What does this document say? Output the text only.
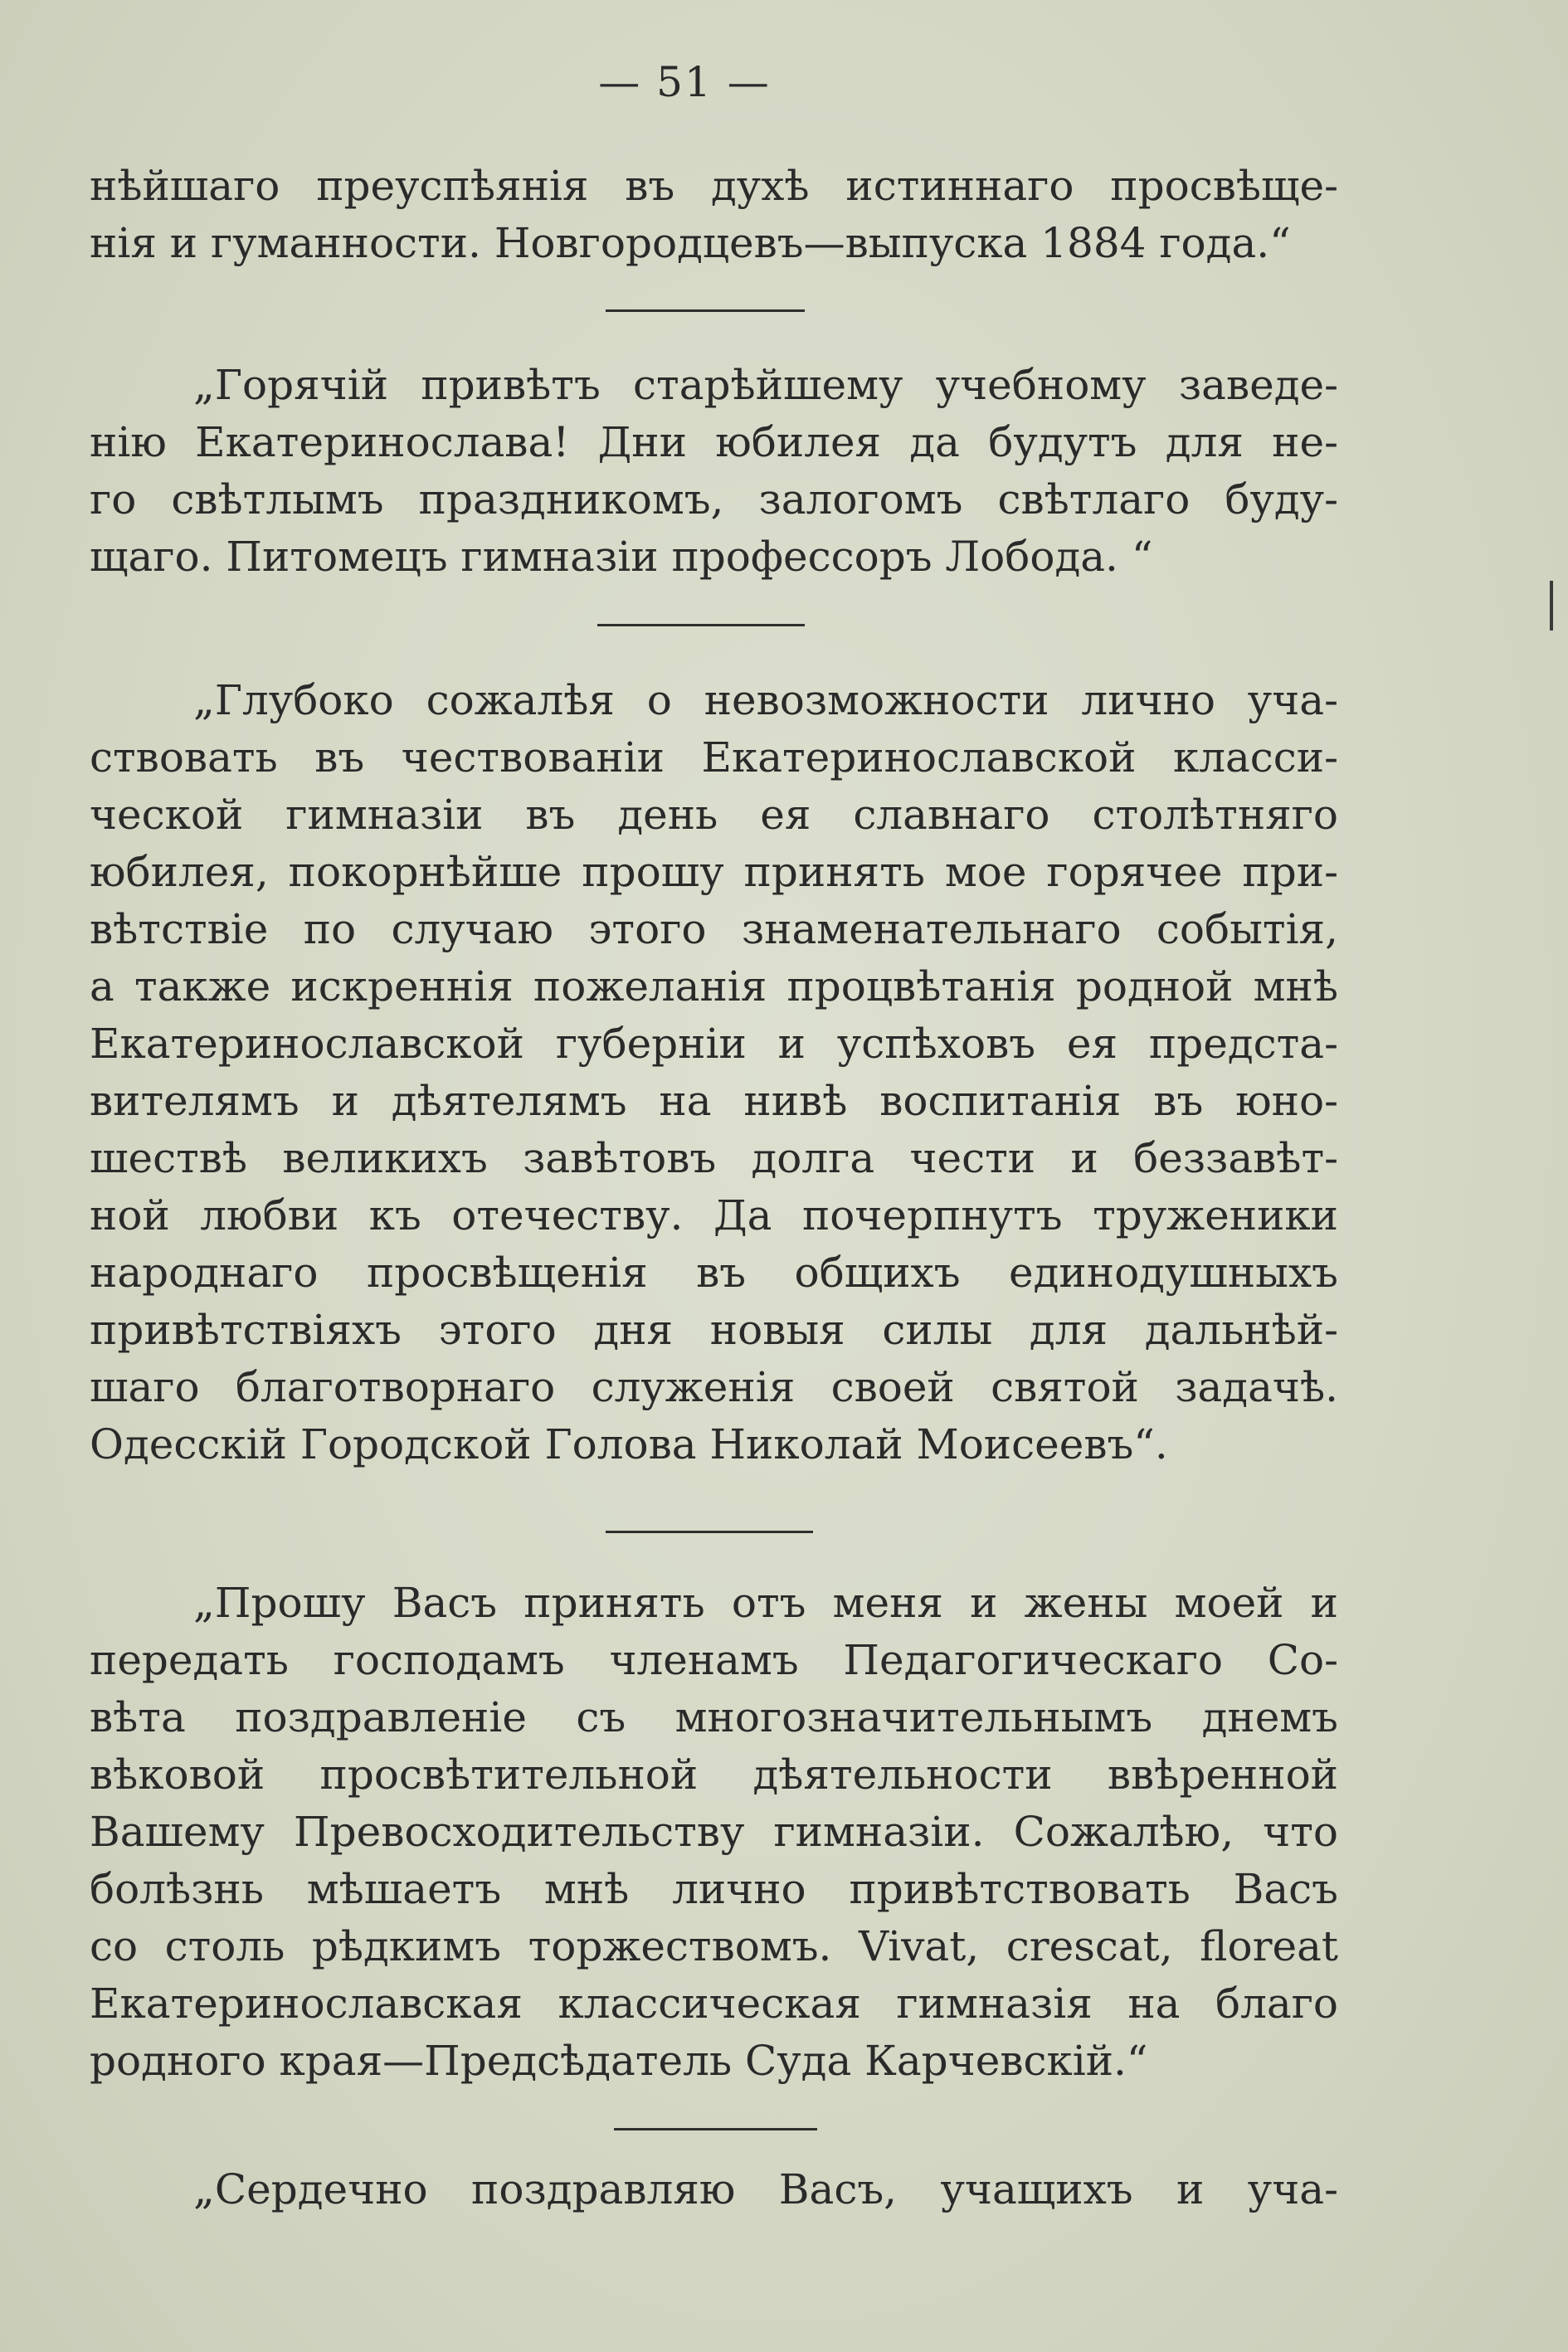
— 51 —
нѣйшаго преуспѣянія въ духѣ истиннаго просвѣще-
нія и гуманности. Новгородцевъ—выпуска 1884 года.“
„Горячій привѣтъ старѣйшему учебному заведе-
нію Екатеринослава! Дни юбилея да будутъ для не-
го свѣтлымъ праздникомъ, залогомъ свѣтлаго буду-
щаго. Питомецъ гимназіи профессоръ Лобода. “
„Глубоко сожалѣя о невозможности лично уча-
ствовать въ чествованіи Екатеринославской класси-
ческой гимназіи въ день ея славнаго столѣтняго
юбилея, покорнѣйше прошу принять мое горячее при-
вѣтствіе по случаю этого знаменательнаго событія,
а также искреннія пожеланія процвѣтанія родной мнѣ
Екатеринославской губерніи и успѣховъ ея предста-
вителямъ и дѣятелямъ на нивѣ воспитанія въ юно-
шествѣ великихъ завѣтовъ долга чести и беззавѣт-
ной любви къ отечеству. Да почерпнутъ труженики
народнаго просвѣщенія въ общихъ единодушныхъ
привѣтствіяхъ этого дня новыя силы для дальнѣй-
шаго благотворнаго служенія своей святой задачѣ.
Одесскій Городской Голова Николай Моисеевъ“.
„Прошу Васъ принять отъ меня и жены моей и
передать господамъ членамъ Педагогическаго Со-
вѣта поздравленіе съ многозначительнымъ днемъ
вѣковой просвѣтительной дѣятельности ввѣренной
Вашему Превосходительству гимназіи. Сожалѣю, что
болѣзнь мѣшаетъ мнѣ лично привѣтствовать Васъ
со столь рѣдкимъ торжествомъ. Vivat, crescat, floreat
Екатеринославская классическая гимназія на благо
родного края—Предсѣдатель Суда Карчевскій.“
„Сердечно поздравляю Васъ, учащихъ и уча-
